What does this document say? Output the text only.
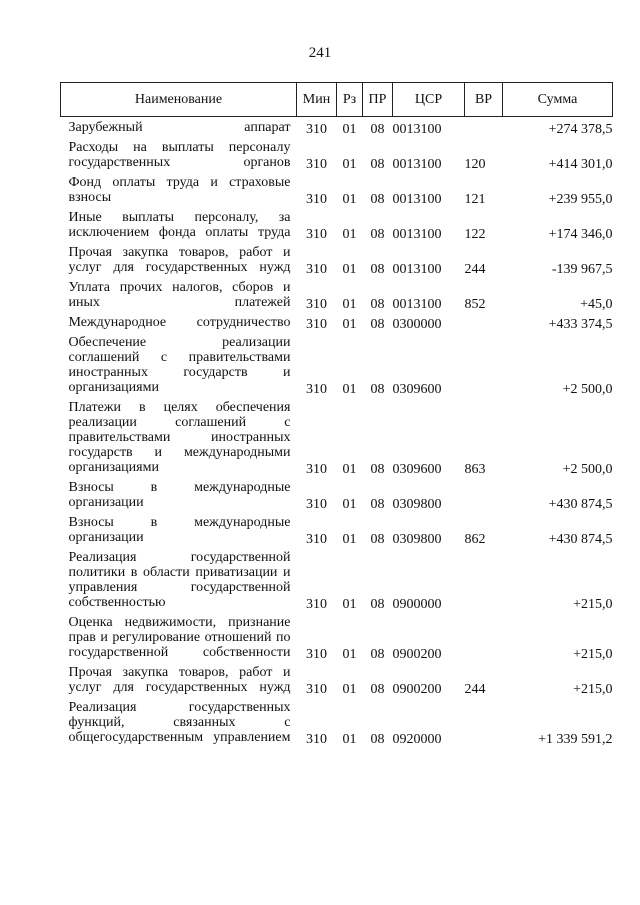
241
Наименование	Мин	Рз	ПР	ЦСР	ВР	Сумма

Зарубежный аппарат	310	01	08	0013100		+274 378,5

Расходы на выплаты персоналу государственных органов	310	01	08	0013100	120	+414 301,0

Фонд оплаты труда и страховые взносы	310	01	08	0013100	121	+239 955,0

Иные выплаты персоналу, за исключением фонда оплаты труда	310	01	08	0013100	122	+174 346,0

Прочая закупка товаров, работ и услуг для государственных нужд	310	01	08	0013100	244	-139 967,5

Уплата прочих налогов, сборов и иных платежей	310	01	08	0013100	852	+45,0

Международное сотрудничество	310	01	08	0300000		+433 374,5

Обеспечение реализации соглашений с правительствами иностранных государств и организациями	310	01	08	0309600		+2 500,0

Платежи в целях обеспечения реализации соглашений с правительствами иностранных государств и международными организациями	310	01	08	0309600	863	+2 500,0

Взносы в международные организации	310	01	08	0309800		+430 874,5

Взносы в международные организации	310	01	08	0309800	862	+430 874,5

Реализация государственной политики в области приватизации и управления государственной собственностью	310	01	08	0900000		+215,0

Оценка недвижимости, признание прав и регулирование отношений по государственной собственности	310	01	08	0900200		+215,0

Прочая закупка товаров, работ и услуг для государственных нужд	310	01	08	0900200	244	+215,0

Реализация государственных функций, связанных с общегосударственным управлением	310	01	08	0920000		+1 339 591,2
